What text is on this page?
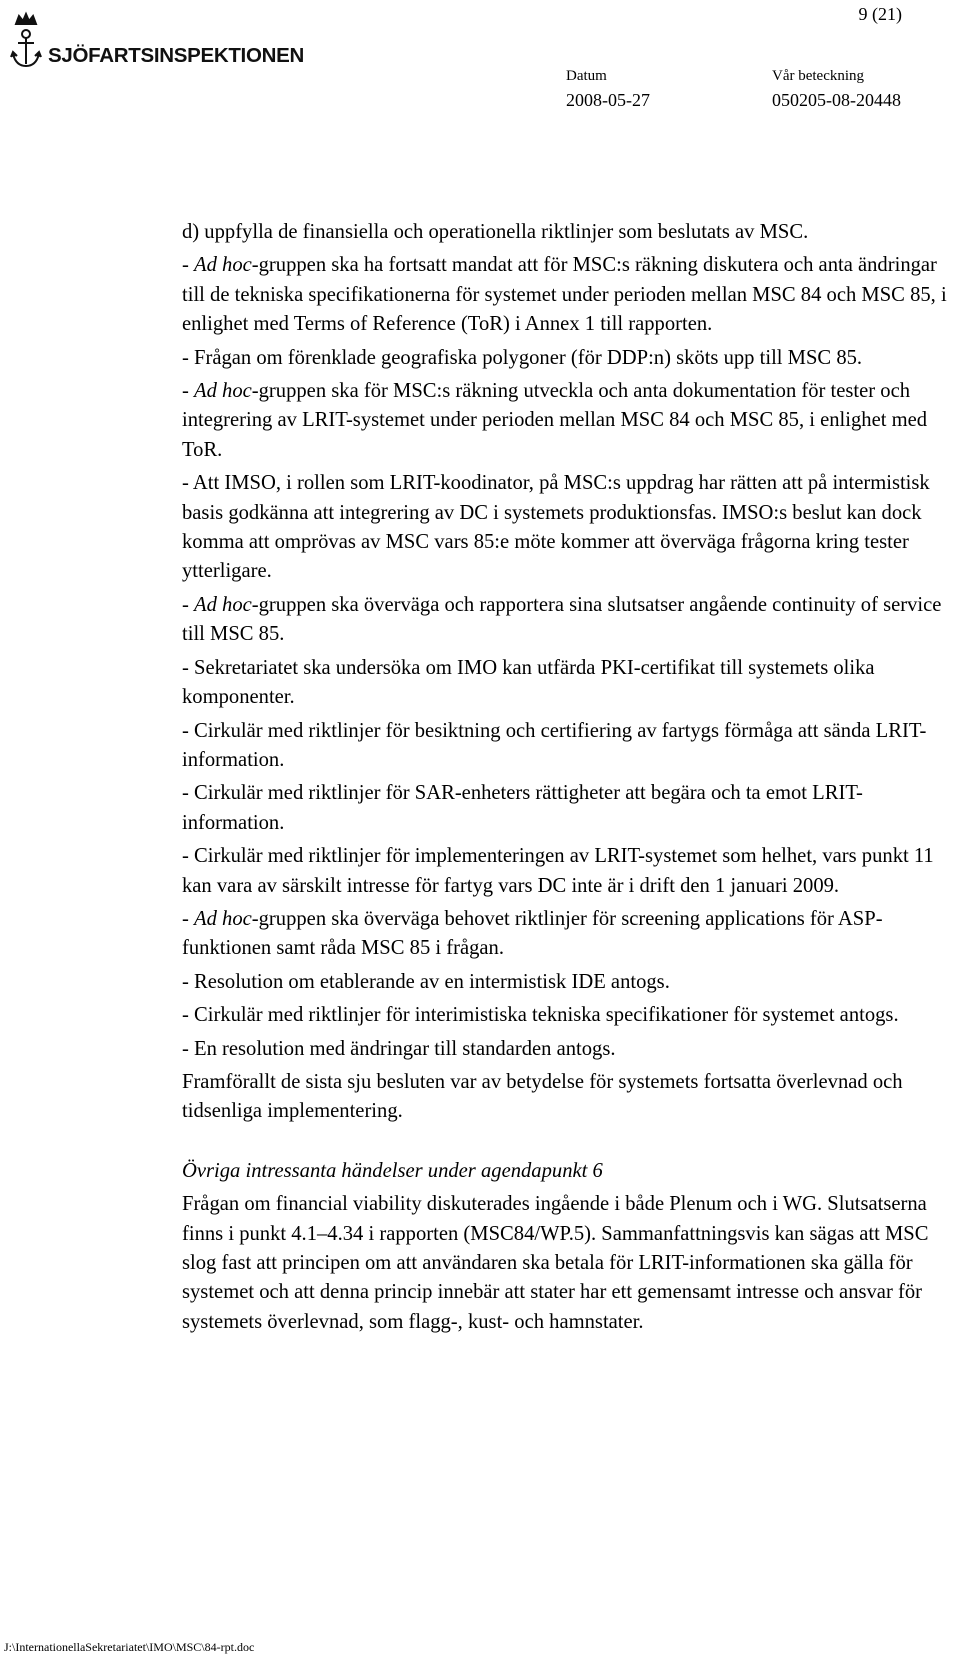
SJÖFARTSINSPEKTIONEN
9 (21)
Datum
2008-05-27
Vår beteckning
050205-08-20448

d) uppfylla de finansiella och operationella riktlinjer som beslutats av MSC.

- Ad hoc-gruppen ska ha fortsatt mandat att för MSC:s räkning diskutera och anta ändringar till de tekniska specifikationerna för systemet under perioden mellan MSC 84 och MSC 85, i enlighet med Terms of Reference (ToR) i Annex 1 till rapporten.

- Frågan om förenklade geografiska polygoner (för DDP:n) sköts upp till MSC 85.

- Ad hoc-gruppen ska för MSC:s räkning utveckla och anta dokumentation för tester och integrering av LRIT-systemet under perioden mellan MSC 84 och MSC 85, i enlighet med ToR.

- Att IMSO, i rollen som LRIT-koodinator, på MSC:s uppdrag har rätten att på intermistisk basis godkänna att integrering av DC i systemets produktionsfas. IMSO:s beslut kan dock komma att omprövas av MSC vars 85:e möte kommer att överväga frågorna kring tester ytterligare.

- Ad hoc-gruppen ska överväga och rapportera sina slutsatser angående continuity of service till MSC 85.

- Sekretariatet ska undersöka om IMO kan utfärda PKI-certifikat till systemets olika komponenter.

- Cirkulär med riktlinjer för besiktning och certifiering av fartygs förmåga att sända LRIT-information.

- Cirkulär med riktlinjer för SAR-enheters rättigheter att begära och ta emot LRIT-information.

- Cirkulär med riktlinjer för implementeringen av LRIT-systemet som helhet, vars punkt 11 kan vara av särskilt intresse för fartyg vars DC inte är i drift den 1 januari 2009.

- Ad hoc-gruppen ska överväga behovet riktlinjer för screening applications för ASP-funktionen samt råda MSC 85 i frågan.

- Resolution om etablerande av en intermistisk IDE antogs.

- Cirkulär med riktlinjer för interimistiska tekniska specifikationer för systemet antogs.

- En resolution med ändringar till standarden antogs.

Framförallt de sista sju besluten var av betydelse för systemets fortsatta överlevnad och tidsenliga implementering.

Övriga intressanta händelser under agendapunkt 6

Frågan om financial viability diskuterades ingående i både Plenum och i WG. Slutsatserna finns i punkt 4.1–4.34 i rapporten (MSC84/WP.5). Sammanfattningsvis kan sägas att MSC slog fast att principen om att användaren ska betala för LRIT-informationen ska gälla för systemet och att denna princip innebär att stater har ett gemensamt intresse och ansvar för systemets överlevnad, som flagg-, kust- och hamnstater.

J:\InternationellaSekretariatet\IMO\MSC\84-rpt.doc
